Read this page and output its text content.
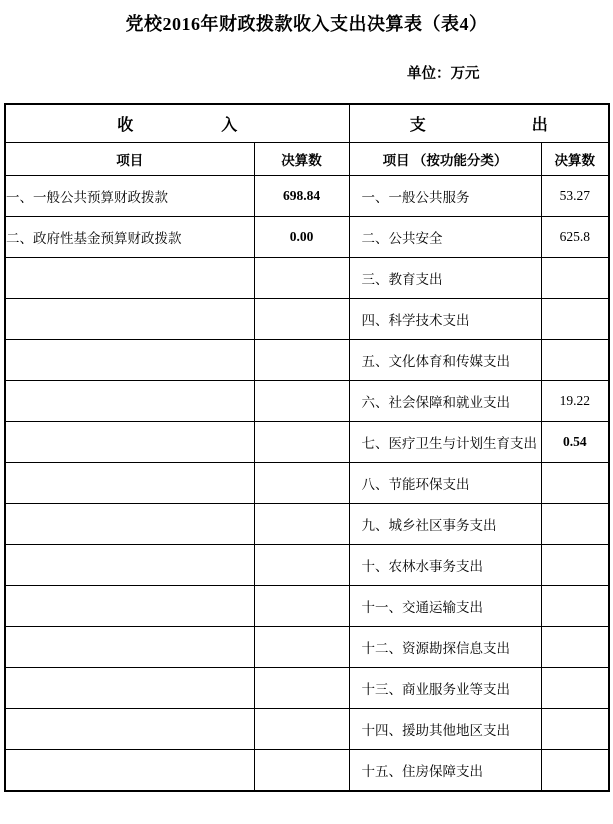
党校2016年财政拨款收入支出决算表（表4）
单位：万元
收 入		支 出	

项目	决算数	项目 （按功能分类）	决算数
一、一般公共预算财政拨款	698.84	一、一般公共服务	53.27
二、政府性基金预算财政拨款	0.00	二、公共安全	625.8
		三、教育支出	
		四、科学技术支出	
		五、文化体育和传媒支出	
		六、社会保障和就业支出	19.22
		七、医疗卫生与计划生育支出	0.54
		八、节能环保支出	
		九、城乡社区事务支出	
		十、农林水事务支出	
		十一、交通运输支出	
		十二、资源勘探信息支出	
		十三、商业服务业等支出	
		十四、援助其他地区支出	
		十五、住房保障支出	
